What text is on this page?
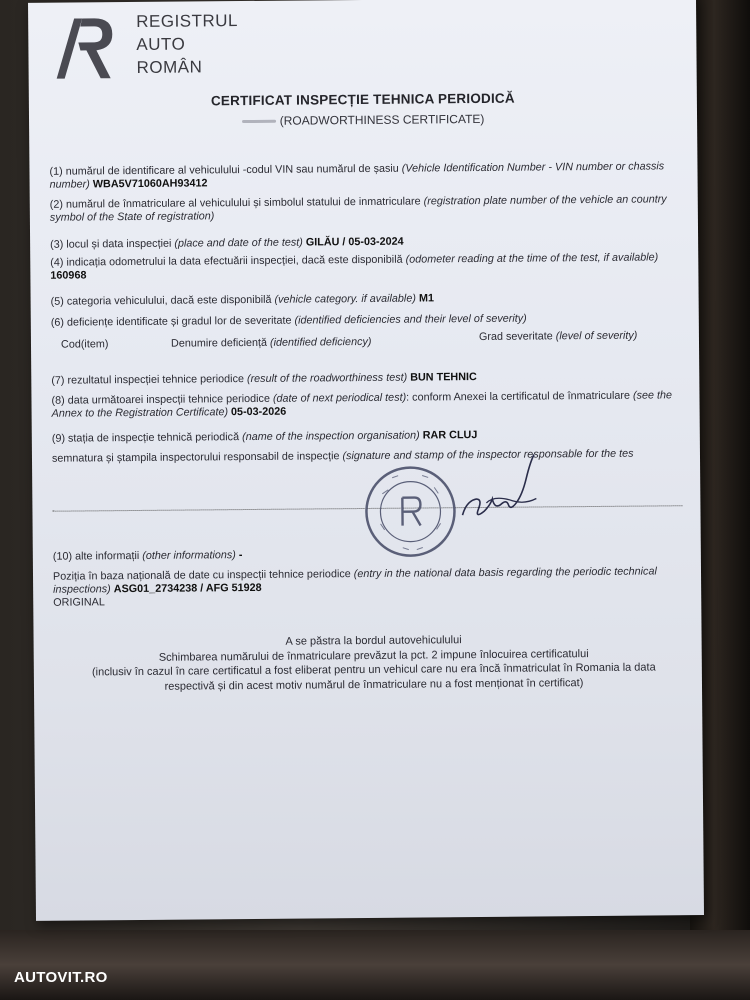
REGISTRUL
AUTO
ROMÂN
CERTIFICAT INSPECȚIE TEHNICA PERIODICĂ
(ROADWORTHINESS CERTIFICATE)
(1) numărul de identificare al vehiculului -codul VIN sau numărul de șasiu (Vehicle Identification Number - VIN number or chassis number) WBA5V71060AH93412
(2) numărul de înmatriculare al vehiculului și simbolul statului de inmatriculare (registration plate number of the vehicle an country symbol of the State of registration)
(3) locul și data inspecției (place and date of the test) GILĂU / 05-03-2024
(4) indicația odometrului la data efectuării inspecției, dacă este disponibilă (odometer reading at the time of the test, if available) 160968
(5) categoria vehiculului, dacă este disponibilă (vehicle category. if available) M1
(6) deficiențe identificate și gradul lor de severitate (identified deficiencies and their level of severity)
Cod(item)	Denumire deficiență (identified deficiency)	Grad severitate (level of severity)
(7) rezultatul inspecției tehnice periodice (result of the roadworthiness test) BUN TEHNIC
(8) data următoarei inspecții tehnice periodice (date of next periodical test): conform Anexei la certificatul de înmatriculare (see the Annex to the Registration Certificate) 05-03-2026
(9) stația de inspecție tehnică periodică (name of the inspection organisation) RAR CLUJ
semnatura și ștampila inspectorului responsabil de inspecție (signature and stamp of the inspector responsable for the tes
(10) alte informații (other informations) -
Poziția în baza națională de date cu inspecții tehnice periodice (entry in the national data basis regarding the periodic technical inspections) ASG01_2734238 / AFG 51928
ORIGINAL
A se păstra la bordul autovehiculului
Schimbarea numărului de înmatriculare prevăzut la pct. 2 impune înlocuirea certificatului
(inclusiv în cazul în care certificatul a fost eliberat pentru un vehicul care nu era încă înmatriculat în Romania la data
respectivă și din acest motiv numărul de înmatriculare nu a fost menționat în certificat)
AUTOVIT.RO
